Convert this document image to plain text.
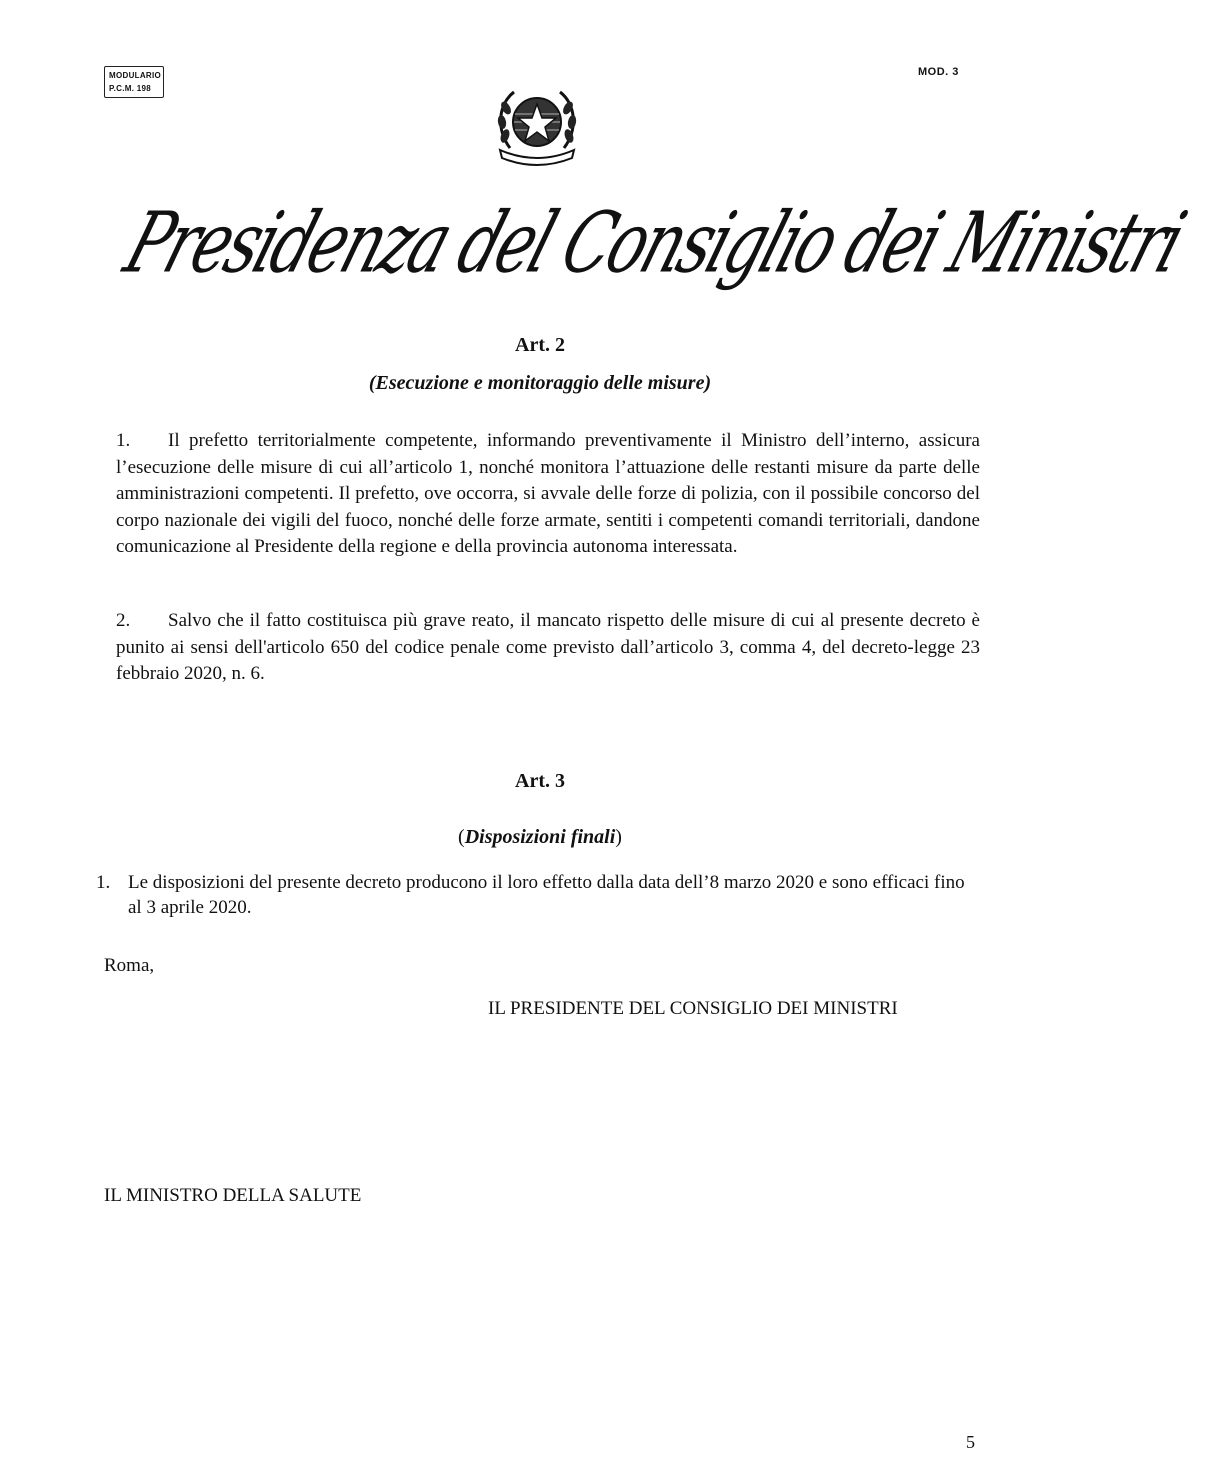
MODULARIO
P.C.M. 198
MOD. 3
Presidenza del Consiglio dei Ministri
Art. 2
(Esecuzione e monitoraggio delle misure)
1. Il prefetto territorialmente competente, informando preventivamente il Ministro dell’interno, assicura l’esecuzione delle misure di cui all’articolo 1, nonché monitora l’attuazione delle restanti misure da parte delle amministrazioni competenti. Il prefetto, ove occorra, si avvale delle forze di polizia, con il possibile concorso del corpo nazionale dei vigili del fuoco, nonché delle forze armate, sentiti i competenti comandi territoriali, dandone comunicazione al Presidente della regione e della provincia autonoma interessata.
2. Salvo che il fatto costituisca più grave reato, il mancato rispetto delle misure di cui al presente decreto è punito ai sensi dell'articolo 650 del codice penale come previsto dall’articolo 3, comma 4, del decreto-legge 23 febbraio 2020, n. 6.
Art. 3
(Disposizioni finali)
1. Le disposizioni del presente decreto producono il loro effetto dalla data dell’8 marzo 2020 e sono efficaci fino al 3 aprile 2020.
Roma,
IL PRESIDENTE DEL CONSIGLIO DEI MINISTRI
IL MINISTRO DELLA SALUTE
5
